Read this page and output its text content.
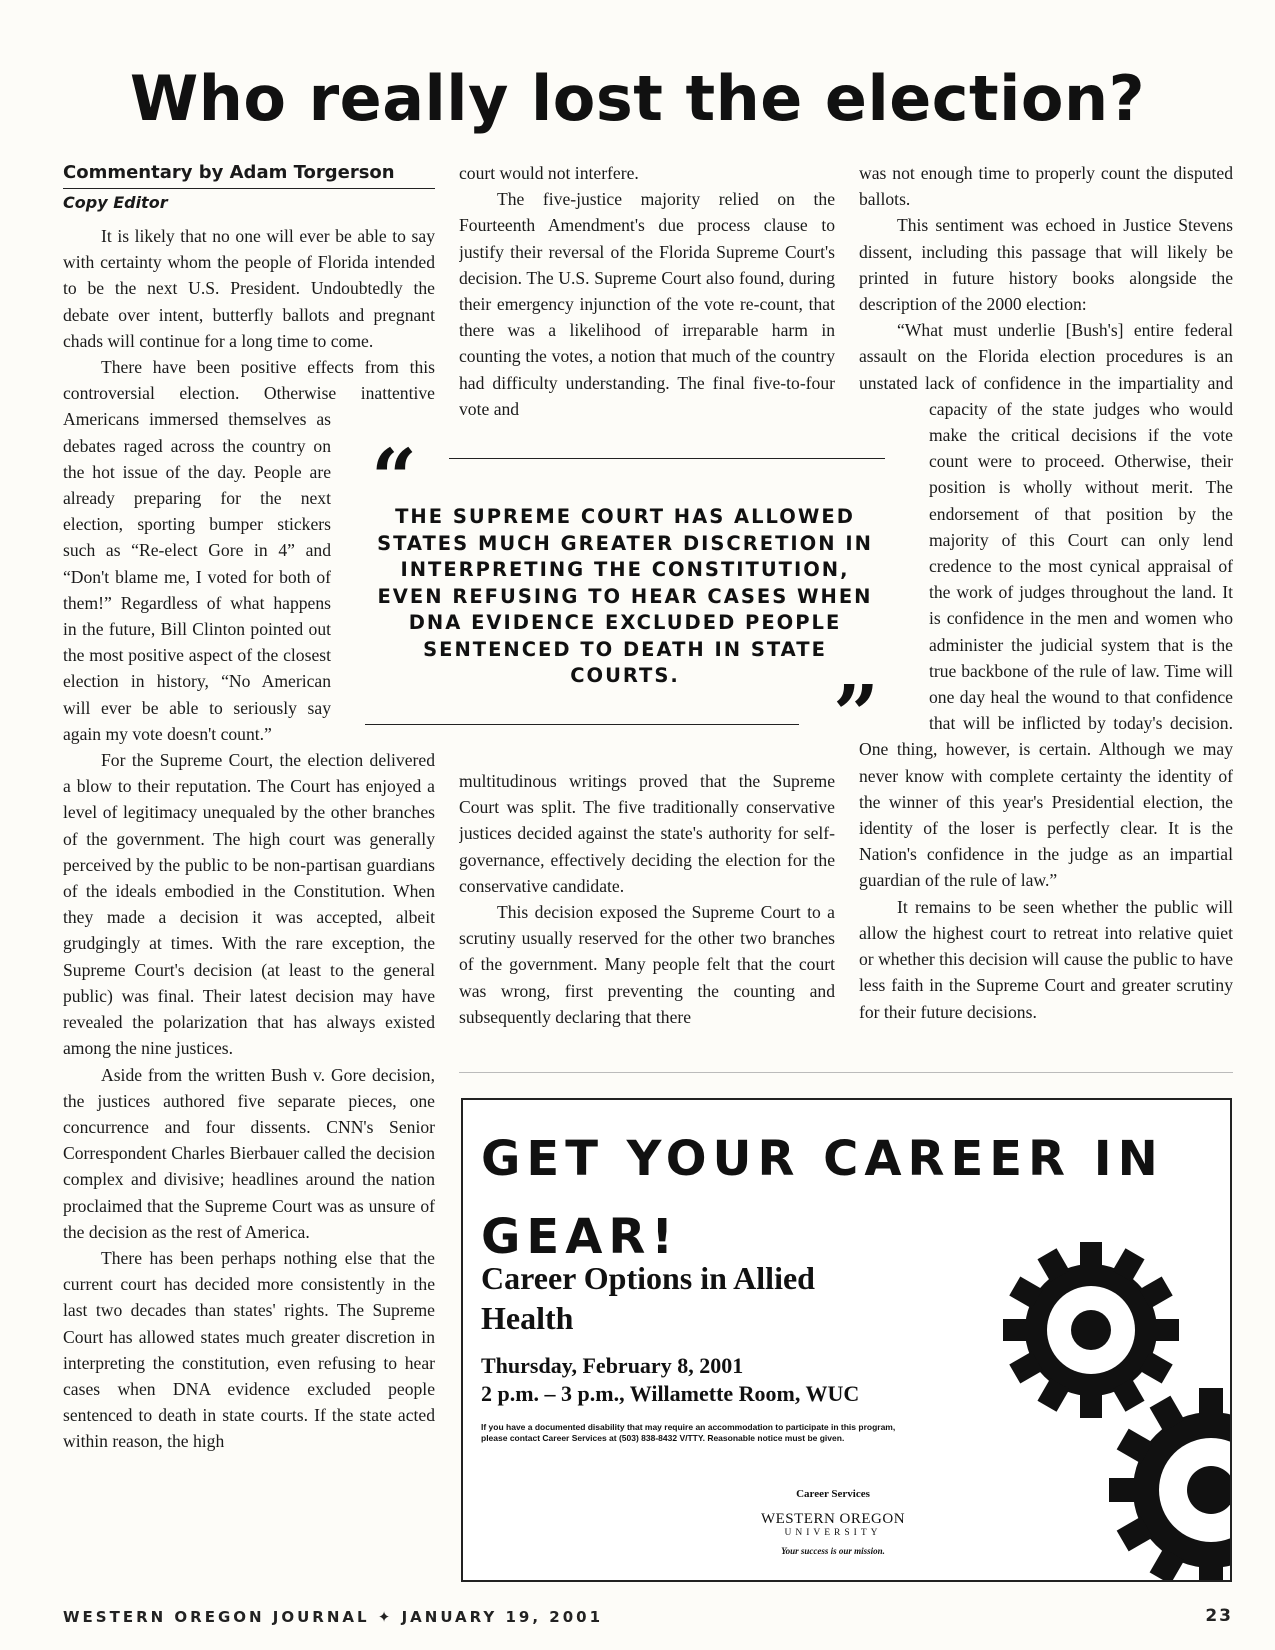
Who really lost the election?
Commentary by Adam Torgerson
Copy Editor

It is likely that no one will ever be able to say with certainty whom the people of Florida intended to be the next U.S. President. Undoubtedly the debate over intent, butterfly ballots and pregnant chads will continue for a long time to come.

There have been positive effects from this controversial election. Otherwise inattentive Americans immersed themselves as debates raged across the country on the hot issue of the day. People are already preparing for the next election, sporting bumper stickers such as “Re-elect Gore in 4” and “Don't blame me, I voted for both of them!” Regardless of what happens in the future, Bill Clinton pointed out the most positive aspect of the closest election in history, “No American will ever be able to seriously say again my vote doesn't count.”

For the Supreme Court, the election delivered a blow to their reputation. The Court has enjoyed a level of legitimacy unequaled by the other branches of the government. The high court was generally perceived by the public to be non-partisan guardians of the ideals embodied in the Constitution. When they made a decision it was accepted, albeit grudgingly at times. With the rare exception, the Supreme Court's decision (at least to the general public) was final. Their latest decision may have revealed the polarization that has always existed among the nine justices.

Aside from the written Bush v. Gore decision, the justices authored five separate pieces, one concurrence and four dissents. CNN's Senior Correspondent Charles Bierbauer called the decision complex and divisive; headlines around the nation proclaimed that the Supreme Court was as unsure of the decision as the rest of America.

There has been perhaps nothing else that the current court has decided more consistently in the last two decades than states' rights. The Supreme Court has allowed states much greater discretion in interpreting the constitution, even refusing to hear cases when DNA evidence excluded people sentenced to death in state courts. If the state acted within reason, the high

court would not interfere.

The five-justice majority relied on the Fourteenth Amendment's due process clause to justify their reversal of the Florida Supreme Court's decision. The U.S. Supreme Court also found, during their emergency injunction of the vote re-count, that there was a likelihood of irreparable harm in counting the votes, a notion that much of the country had difficulty understanding. The final five-to-four vote and

“
THE SUPREME COURT HAS ALLOWED STATES MUCH GREATER DISCRETION IN INTERPRETING THE CONSTITUTION, EVEN REFUSING TO HEAR CASES WHEN DNA EVIDENCE EXCLUDED PEOPLE SENTENCED TO DEATH IN STATE COURTS.	”

multitudinous writings proved that the Supreme Court was split. The five traditionally conservative justices decided against the state's authority for self-governance, effectively deciding the election for the conservative candidate.

This decision exposed the Supreme Court to a scrutiny usually reserved for the other two branches of the government. Many people felt that the court was wrong, first preventing the counting and subsequently declaring that there

was not enough time to properly count the disputed ballots.

This sentiment was echoed in Justice Stevens dissent, including this passage that will likely be printed in future history books alongside the description of the 2000 election:

“What must underlie [Bush's] entire federal assault on the Florida election procedures is an unstated lack of confidence in the impartiality and capacity of the state judges who would make the critical decisions if the vote count were to proceed. Otherwise, their position is wholly without merit. The endorsement of that position by the majority of this Court can only lend credence to the most cynical appraisal of the work of judges throughout the land. It is confidence in the men and women who administer the judicial system that is the true backbone of the rule of law. Time will one day heal the wound to that confidence that will be inflicted by today's decision. One thing, however, is certain. Although we may never know with complete certainty the identity of the winner of this year's Presidential election, the identity of the loser is perfectly clear. It is the Nation's confidence in the judge as an impartial guardian of the rule of law.”

It remains to be seen whether the public will allow the highest court to retreat into relative quiet or whether this decision will cause the public to have less faith in the Supreme Court and greater scrutiny for their future decisions.

GET YOUR CAREER IN GEAR!
Career Options in Allied Health
Thursday, February 8, 2001
2 p.m. – 3 p.m., Willamette Room, WUC
If you have a documented disability that may require an accommodation to participate in this program, please contact Career Services at (503) 838-8432 V/TTY. Reasonable notice must be given.
Career Services
WESTERN OREGON
UNIVERSITY
Your success is our mission.
WESTERN OREGON JOURNAL ✦ JANUARY 19, 2001	23
